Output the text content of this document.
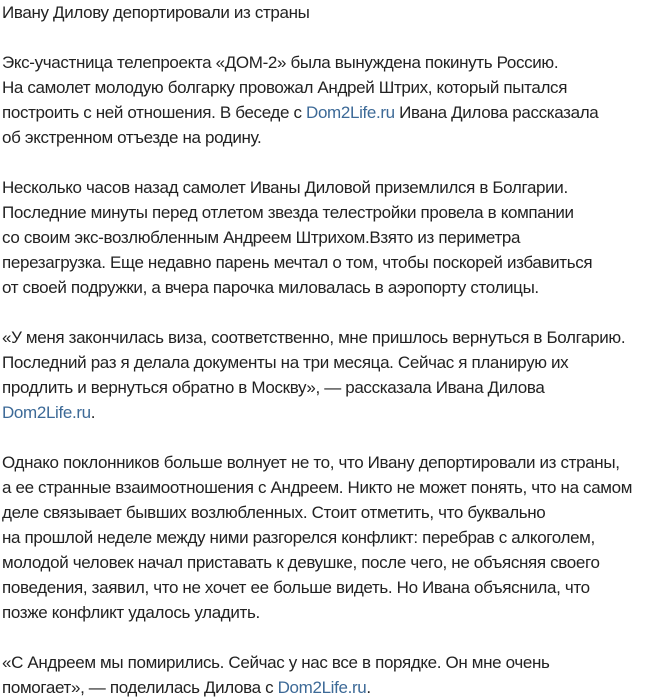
Ивану Дилову депортировали из страны
Экс-участница телепроекта «ДОМ-2» была вынуждена покинуть Россию.
На самолет молодую болгарку провожал Андрей Штрих, который пытался
построить с ней отношения. В беседе с Dom2Life.ru Ивана Дилова рассказала
об экстренном отъезде на родину.
Несколько часов назад самолет Иваны Диловой приземлился в Болгарии.
Последние минуты перед отлетом звезда телестройки провела в компании
со своим экс-возлюбленным Андреем Штрихом.Взято из периметра
перезагрузка. Еще недавно парень мечтал о том, чтобы поскорей избавиться
от своей подружки, а вчера парочка миловалась в аэропорту столицы.
«У меня закончилась виза, соответственно, мне пришлось вернуться в Болгарию.
Последний раз я делала документы на три месяца. Сейчас я планирую их
продлить и вернуться обратно в Москву», — рассказала Ивана Дилова
Dom2Life.ru.
Однако поклонников больше волнует не то, что Ивану депортировали из страны,
а ее странные взаимоотношения с Андреем. Никто не может понять, что на самом
деле связывает бывших возлюбленных. Стоит отметить, что буквально
на прошлой неделе между ними разгорелся конфликт: перебрав с алкоголем,
молодой человек начал приставать к девушке, после чего, не объясняя своего
поведения, заявил, что не хочет ее больше видеть. Но Ивана объяснила, что
позже конфликт удалось уладить.
«С Андреем мы помирились. Сейчас у нас все в порядке. Он мне очень
помогает», — поделилась Дилова с Dom2Life.ru.
